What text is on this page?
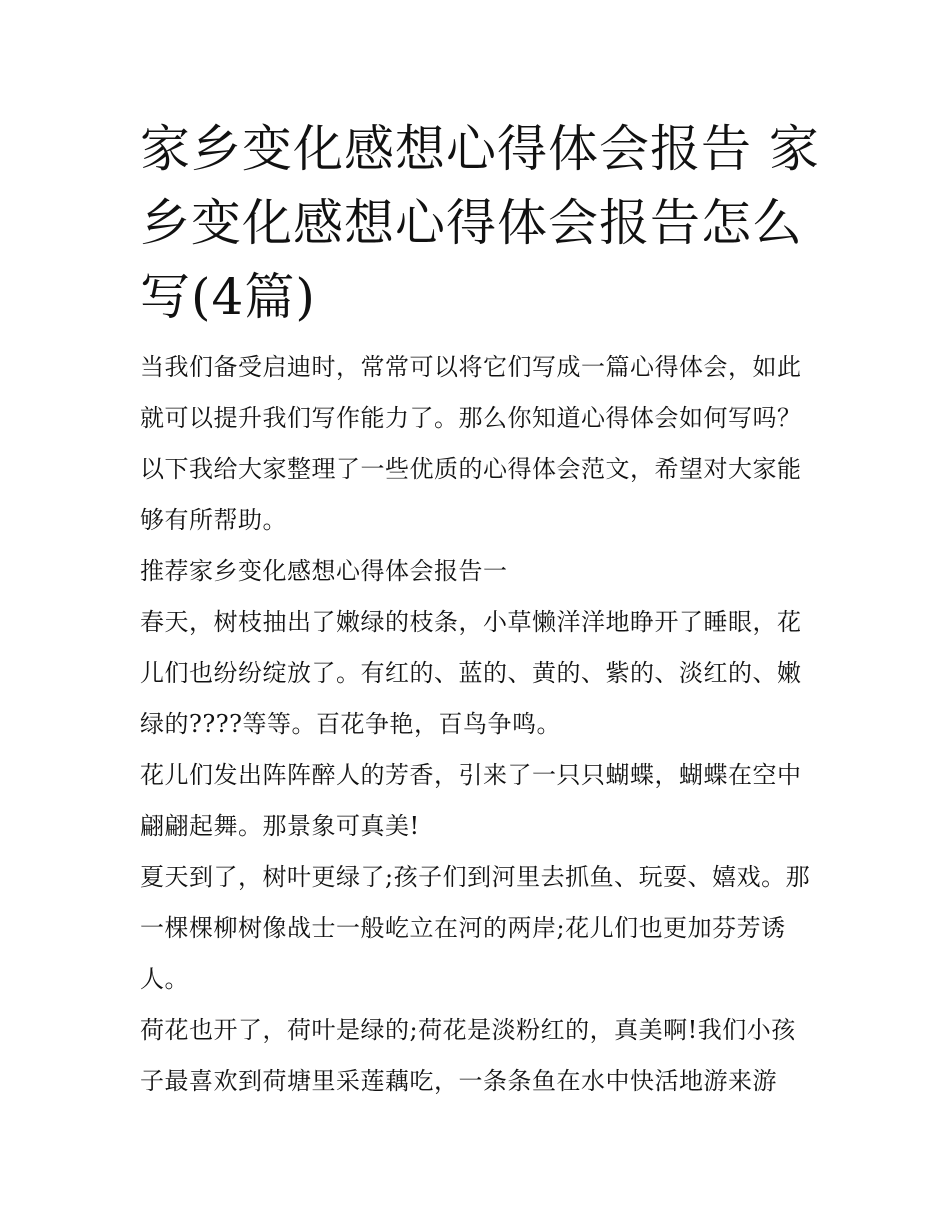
家乡变化感想心得体会报告 家乡变化感想心得体会报告怎么写(4篇)

当我们备受启迪时，常常可以将它们写成一篇心得体会，如此就可以提升我们写作能力了。那么你知道心得体会如何写吗？以下我给大家整理了一些优质的心得体会范文，希望对大家能够有所帮助。

推荐家乡变化感想心得体会报告一

春天，树枝抽出了嫩绿的枝条，小草懒洋洋地睁开了睡眼，花儿们也纷纷绽放了。有红的、蓝的、黄的、紫的、淡红的、嫩绿的????等等。百花争艳，百鸟争鸣。

花儿们发出阵阵醉人的芳香，引来了一只只蝴蝶，蝴蝶在空中翩翩起舞。那景象可真美!

夏天到了，树叶更绿了;孩子们到河里去抓鱼、玩耍、嬉戏。那一棵棵柳树像战士一般屹立在河的两岸;花儿们也更加芬芳诱人。

荷花也开了，荷叶是绿的;荷花是淡粉红的，真美啊!我们小孩子最喜欢到荷塘里采莲藕吃，一条条鱼在水中快活地游来游
